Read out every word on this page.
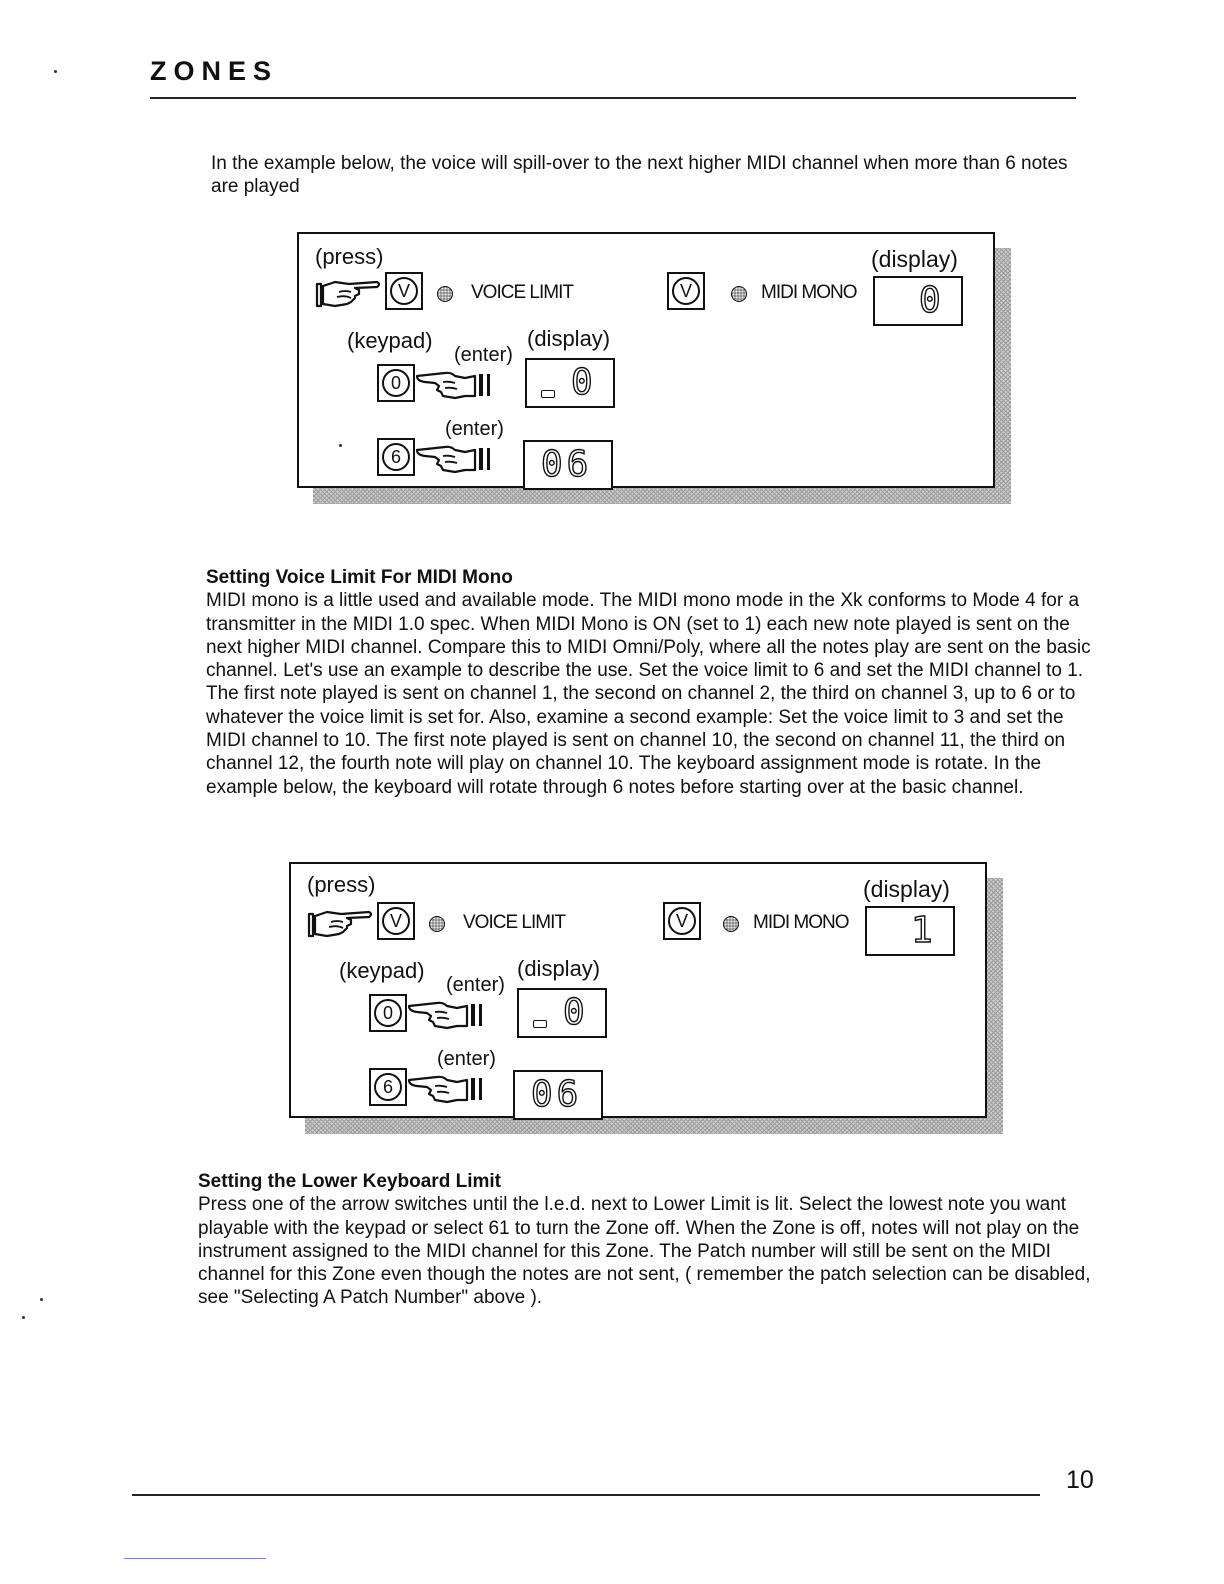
ZONES

In the example below, the voice will spill-over to the next higher MIDI channel when more than 6 notes are played

(press)	(display)
V	VOICE LIMIT	V	MIDI MONO 0
(keypad)
(enter)
(display)
0	0
(enter)
6	06

Setting Voice Limit For MIDI Mono
MIDI mono is a little used and available mode. The MIDI mono mode in the Xk conforms to Mode 4 for a transmitter in the MIDI 1.0 spec. When MIDI Mono is ON (set to 1) each new note played is sent on the next higher MIDI channel. Compare this to MIDI Omni/Poly, where all the notes play are sent on the basic channel. Let's use an example to describe the use. Set the voice limit to 6 and set the MIDI channel to 1. The first note played is sent on channel 1, the second on channel 2, the third on channel 3, up to 6 or to whatever the voice limit is set for. Also, examine a second example: Set the voice limit to 3 and set the MIDI channel to 10. The first note played is sent on channel 10, the second on channel 11, the third on channel 12, the fourth note will play on channel 10. The keyboard assignment mode is rotate. In the example below, the keyboard will rotate through 6 notes before starting over at the basic channel.

(press)	(display)
V	VOICE LIMIT	V	MIDI MONO 1
(keypad)
(enter)
(display)
0	0
(enter)
6	06

Setting the Lower Keyboard Limit
Press one of the arrow switches until the l.e.d. next to Lower Limit is lit. Select the lowest note you want playable with the keypad or select 61 to turn the Zone off. When the Zone is off, notes will not play on the instrument assigned to the MIDI channel for this Zone. The Patch number will still be sent on the MIDI channel for this Zone even though the notes are not sent, ( remember the patch selection can be disabled, see "Selecting A Patch Number" above ).

10
